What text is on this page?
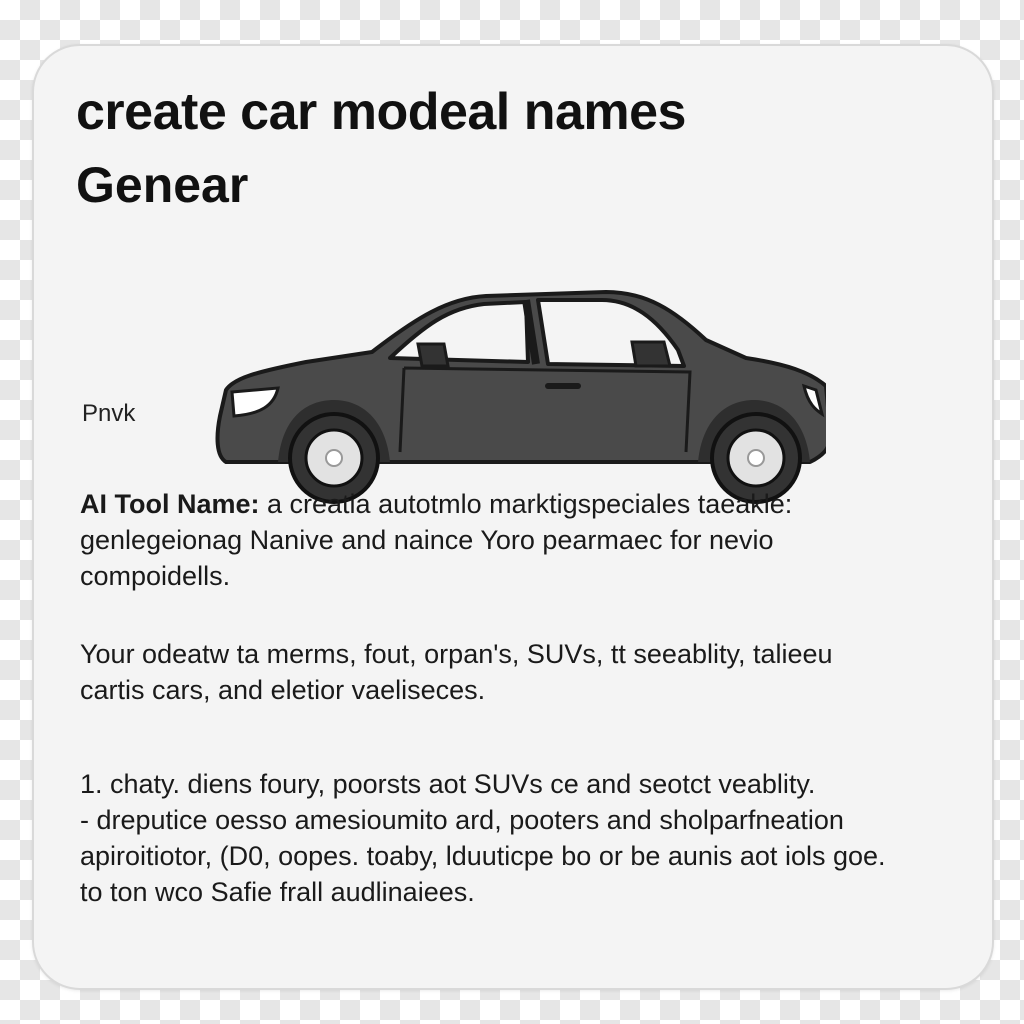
create car modeal names
Genear
Pnvk

AI Tool Name: a creatia autotmlo marktigspeciales taeakle:
genlegeionag Nanive and naince Yoro pearmaec for nevio
compoidells.

Your odeatw ta merms, fout, orpan's, SUVs, tt seeablity, talieeu
cartis cars, and eletior vaeliseces.

1. chaty. diens foury, poorsts aot SUVs ce and seotct veablity.
- dreputice oesso amesioumito ard, pooters and sholparfneation
apiroitiotor, (D0, oopes. toaby, lduuticpe bo or be aunis aot iols goe.
to ton wco Safie frall audlinaiees.
